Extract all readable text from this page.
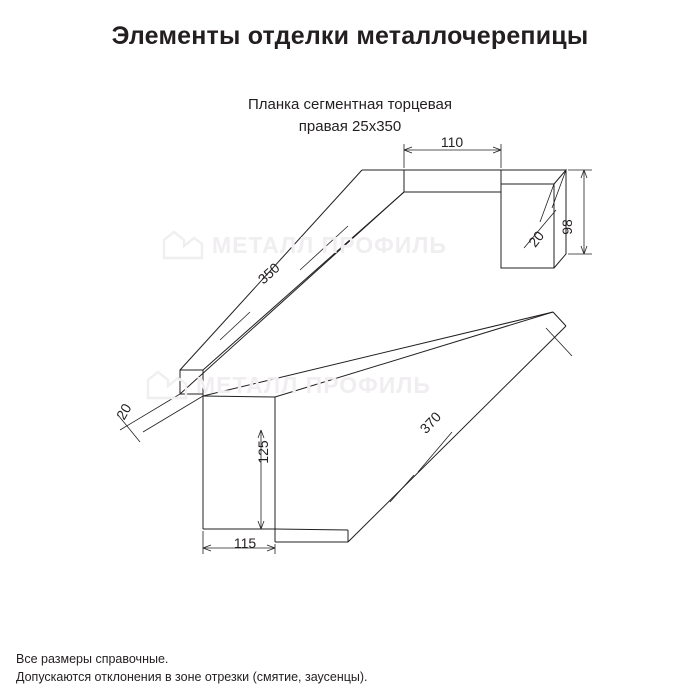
Элементы отделки металлочерепицы
Планка сегментная торцевая
правая 25х350
110
98
20
350
20	370
125
115
МЕТАЛЛ ПРОФИЛЬ
МЕТАЛЛ ПРОФИЛЬ
Все размеры справочные.
Допускаются отклонения в зоне отрезки (смятие, заусенцы).
